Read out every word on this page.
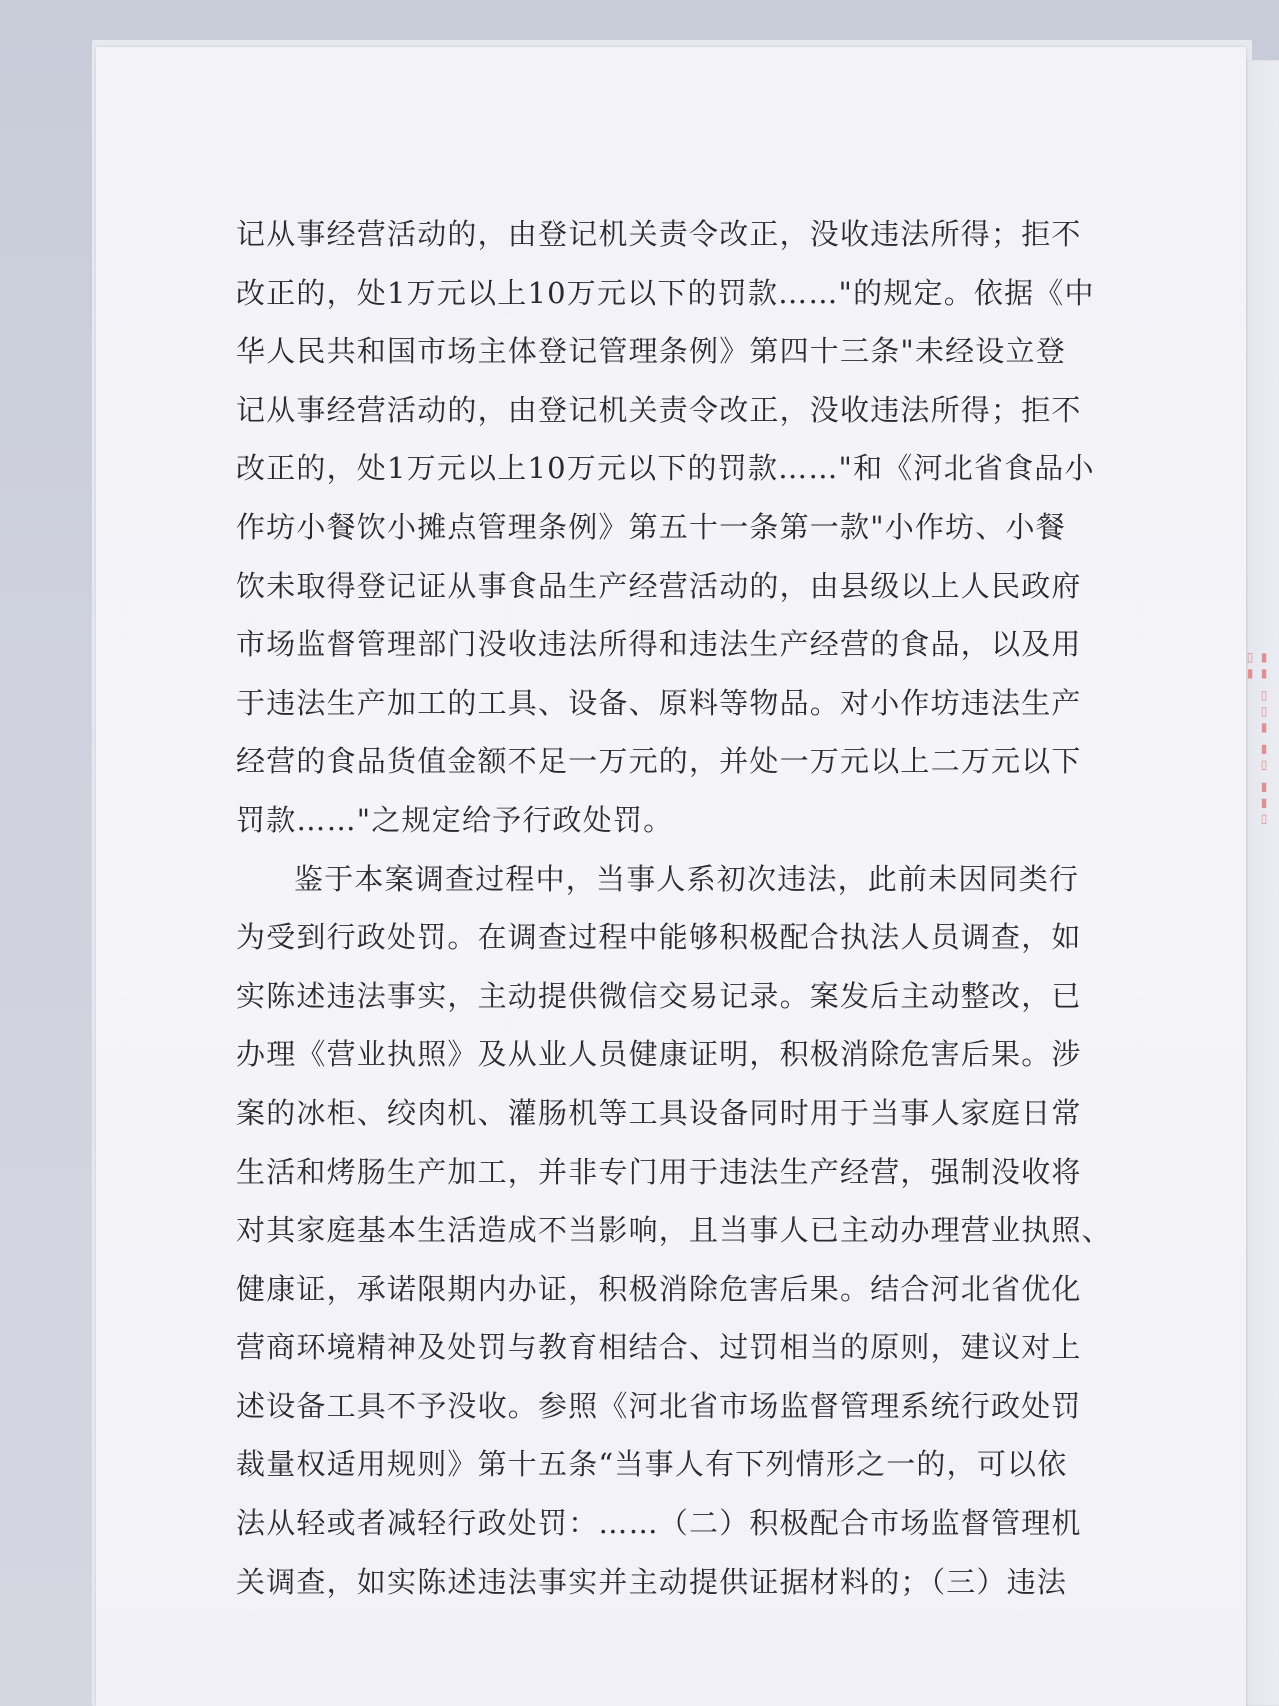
▮▮ ▯▯▮ ▮▯ ▮▮▯ ▯▮
记从事经营活动的，由登记机关责令改正，没收违法所得；拒不
改正的，处1万元以上10万元以下的罚款……"的规定。依据《中
华人民共和国市场主体登记管理条例》第四十三条"未经设立登
记从事经营活动的，由登记机关责令改正，没收违法所得；拒不
改正的，处1万元以上10万元以下的罚款……"和《河北省食品小
作坊小餐饮小摊点管理条例》第五十一条第一款"小作坊、小餐
饮未取得登记证从事食品生产经营活动的，由县级以上人民政府
市场监督管理部门没收违法所得和违法生产经营的食品，以及用
于违法生产加工的工具、设备、原料等物品。对小作坊违法生产
经营的食品货值金额不足一万元的，并处一万元以上二万元以下
罚款……"之规定给予行政处罚。
鉴于本案调查过程中，当事人系初次违法，此前未因同类行
为受到行政处罚。在调查过程中能够积极配合执法人员调查，如
实陈述违法事实，主动提供微信交易记录。案发后主动整改，已
办理《营业执照》及从业人员健康证明，积极消除危害后果。涉
案的冰柜、绞肉机、灌肠机等工具设备同时用于当事人家庭日常
生活和烤肠生产加工，并非专门用于违法生产经营，强制没收将
对其家庭基本生活造成不当影响，且当事人已主动办理营业执照、
健康证，承诺限期内办证，积极消除危害后果。结合河北省优化
营商环境精神及处罚与教育相结合、过罚相当的原则，建议对上
述设备工具不予没收。参照《河北省市场监督管理系统行政处罚
裁量权适用规则》第十五条“当事人有下列情形之一的，可以依
法从轻或者减轻行政处罚：……（二）积极配合市场监督管理机
关调查，如实陈述违法事实并主动提供证据材料的；（三）违法
